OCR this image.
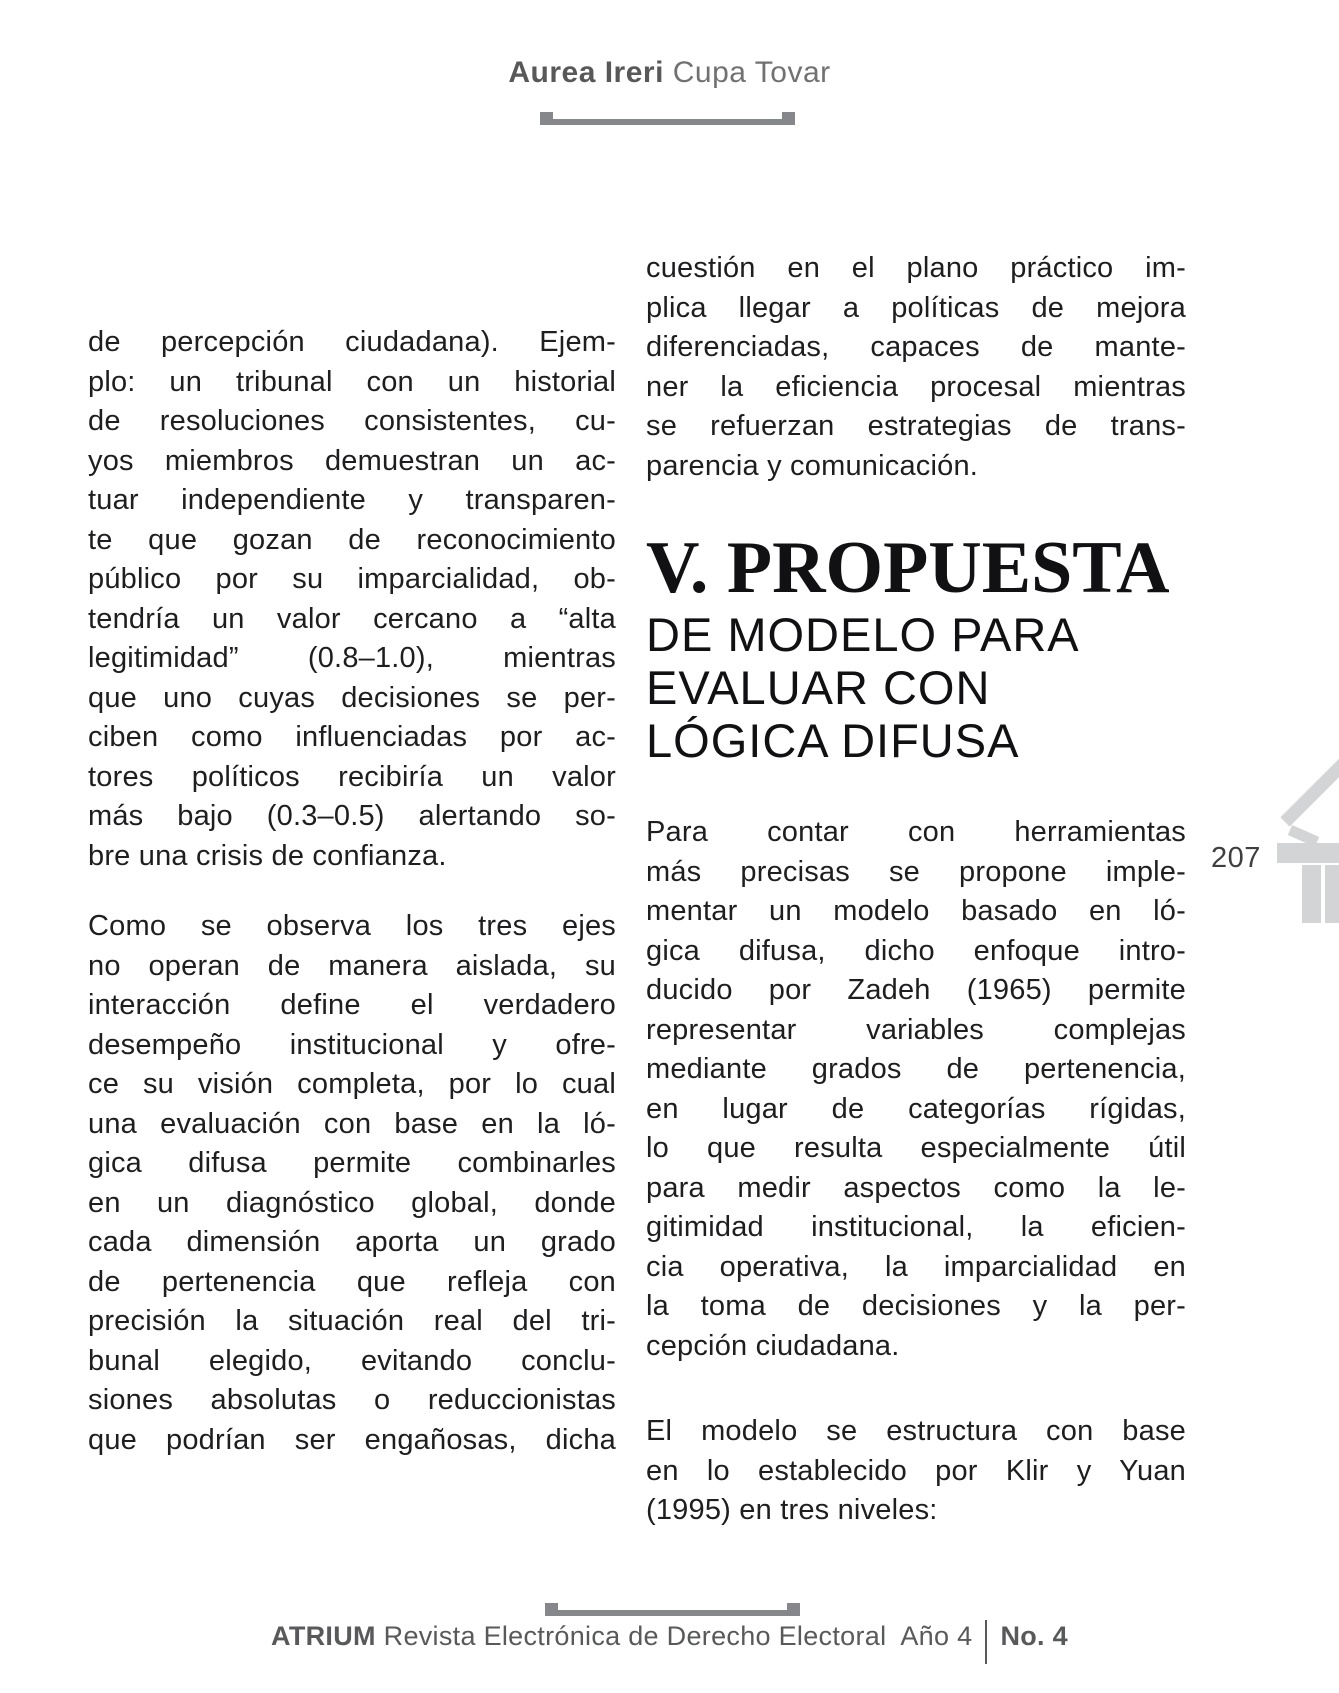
Aurea Ireri Cupa Tovar
de percepción ciudadana). Ejem-
plo: un tribunal con un historial
de resoluciones consistentes, cu-
yos miembros demuestran un ac-
tuar independiente y transparen-
te que gozan de reconocimiento
público por su imparcialidad, ob-
tendría un valor cercano a “alta
legitimidad” (0.8–1.0), mientras
que uno cuyas decisiones se per-
ciben como influenciadas por ac-
tores políticos recibiría un valor
más bajo (0.3–0.5) alertando so-
bre una crisis de confianza.
Como se observa los tres ejes
no operan de manera aislada, su
interacción define el verdadero
desempeño institucional y ofre-
ce su visión completa, por lo cual
una evaluación con base en la ló-
gica difusa permite combinarles
en un diagnóstico global, donde
cada dimensión aporta un grado
de pertenencia que refleja con
precisión la situación real del tri-
bunal elegido, evitando conclu-
siones absolutas o reduccionistas
que podrían ser engañosas, dicha
cuestión en el plano práctico im-
plica llegar a políticas de mejora
diferenciadas, capaces de mante-
ner la eficiencia procesal mientras
se refuerzan estrategias de trans-
parencia y comunicación.
V. PROPUESTA
DE MODELO PARA
EVALUAR CON
LÓGICA DIFUSA
Para contar con herramientas
más precisas se propone imple-
mentar un modelo basado en ló-
gica difusa, dicho enfoque intro-
ducido por Zadeh (1965) permite
representar variables complejas
mediante grados de pertenencia,
en lugar de categorías rígidas,
lo que resulta especialmente útil
para medir aspectos como la le-
gitimidad institucional, la eficien-
cia operativa, la imparcialidad en
la toma de decisiones y la per-
cepción ciudadana.
El modelo se estructura con base
en lo establecido por Klir y Yuan
(1995) en tres niveles:
207
ATRIUM
Revista Electrónica de Derecho Electoral Año 4 No. 4
